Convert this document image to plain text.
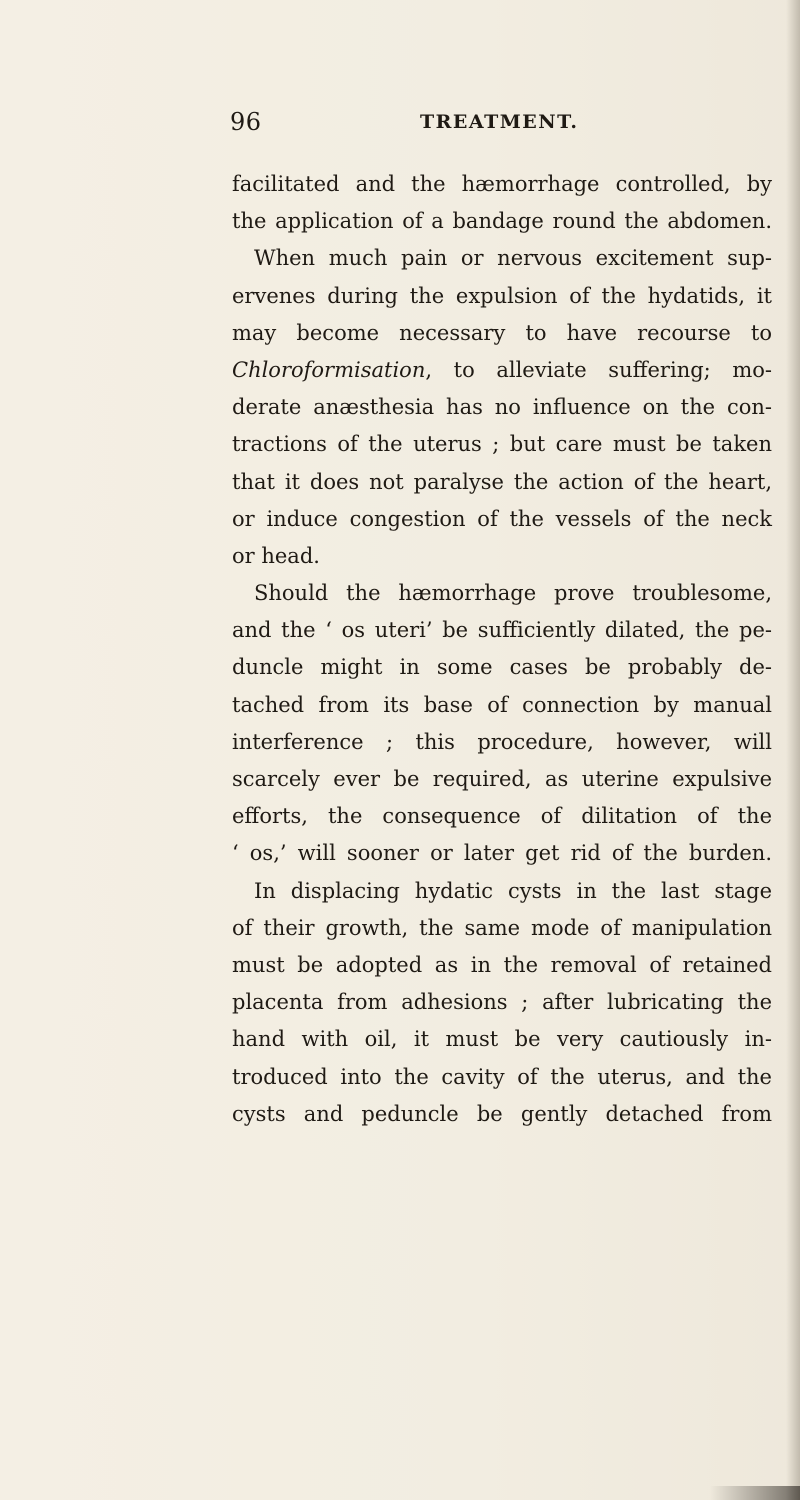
96	TREATMENT.
facilitated and the hæmorrhage controlled, by
the application of a bandage round the abdomen.
When much pain or nervous excitement sup-
ervenes during the expulsion of the hydatids, it
may become necessary to have recourse to
Chloroformisation, to alleviate suffering; mo-
derate anæsthesia has no influence on the con-
tractions of the uterus ; but care must be taken
that it does not paralyse the action of the heart,
or induce congestion of the vessels of the neck
or head.
Should the hæmorrhage prove troublesome,
and the ‘ os uteri’ be sufficiently dilated, the pe-
duncle might in some cases be probably de-
tached from its base of connection by manual
interference ; this procedure, however, will
scarcely ever be required, as uterine expulsive
efforts, the consequence of dilitation of the
‘ os,’ will sooner or later get rid of the burden.
In displacing hydatic cysts in the last stage
of their growth, the same mode of manipulation
must be adopted as in the removal of retained
placenta from adhesions ; after lubricating the
hand with oil, it must be very cautiously in-
troduced into the cavity of the uterus, and the
cysts and peduncle be gently detached from
